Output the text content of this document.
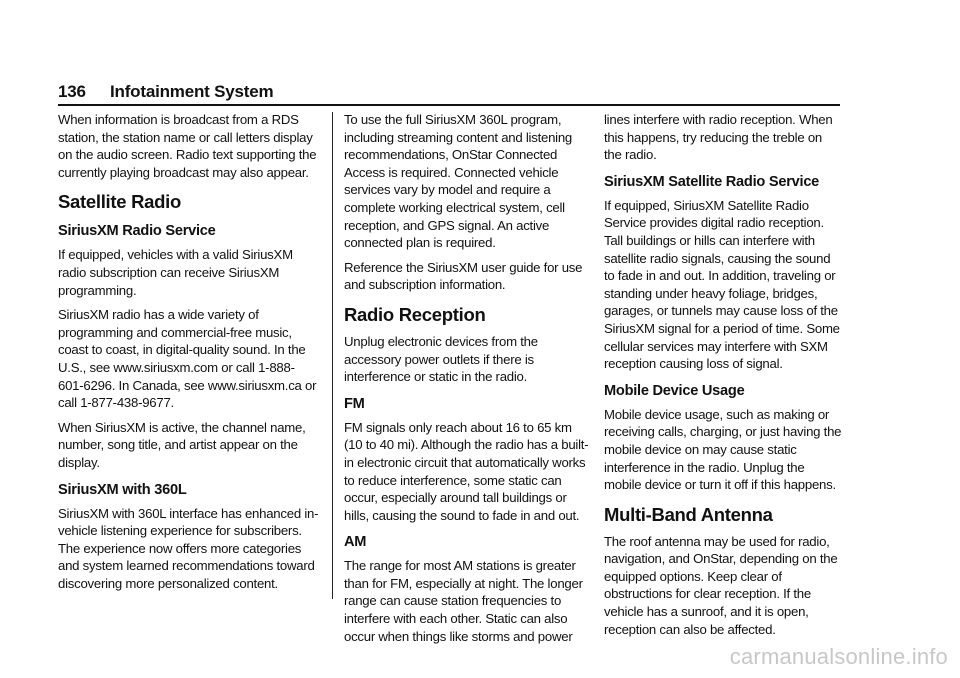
136 Infotainment System

When information is broadcast from a RDS station, the station name or call letters display on the audio screen. Radio text supporting the currently playing broadcast may also appear.

Satellite Radio
SiriusXM Radio Service

If equipped, vehicles with a valid SiriusXM radio subscription can receive SiriusXM programming.

SiriusXM radio has a wide variety of programming and commercial-free music, coast to coast, in digital-quality sound. In the U.S., see www.siriusxm.com or call 1-888-601-6296. In Canada, see www.siriusxm.ca or call 1-877-438-9677.

When SiriusXM is active, the channel name, number, song title, and artist appear on the display.

SiriusXM with 360L

SiriusXM with 360L interface has enhanced in-vehicle listening experience for subscribers. The experience now offers more categories and system learned recommendations toward discovering more personalized content.

To use the full SiriusXM 360L program, including streaming content and listening recommendations, OnStar Connected Access is required. Connected vehicle services vary by model and require a complete working electrical system, cell reception, and GPS signal. An active connected plan is required.

Reference the SiriusXM user guide for use and subscription information.

Radio Reception

Unplug electronic devices from the accessory power outlets if there is interference or static in the radio.

FM

FM signals only reach about 16 to 65 km (10 to 40 mi). Although the radio has a built-in electronic circuit that automatically works to reduce interference, some static can occur, especially around tall buildings or hills, causing the sound to fade in and out.

AM

The range for most AM stations is greater than for FM, especially at night. The longer range can cause station frequencies to interfere with each other. Static can also occur when things like storms and power

lines interfere with radio reception. When this happens, try reducing the treble on the radio.

SiriusXM Satellite Radio Service

If equipped, SiriusXM Satellite Radio Service provides digital radio reception. Tall buildings or hills can interfere with satellite radio signals, causing the sound to fade in and out. In addition, traveling or standing under heavy foliage, bridges, garages, or tunnels may cause loss of the SiriusXM signal for a period of time. Some cellular services may interfere with SXM reception causing loss of signal.

Mobile Device Usage

Mobile device usage, such as making or receiving calls, charging, or just having the mobile device on may cause static interference in the radio. Unplug the mobile device or turn it off if this happens.

Multi-Band Antenna

The roof antenna may be used for radio, navigation, and OnStar, depending on the equipped options. Keep clear of obstructions for clear reception. If the vehicle has a sunroof, and it is open, reception can also be affected.

carmanualsonline.info
